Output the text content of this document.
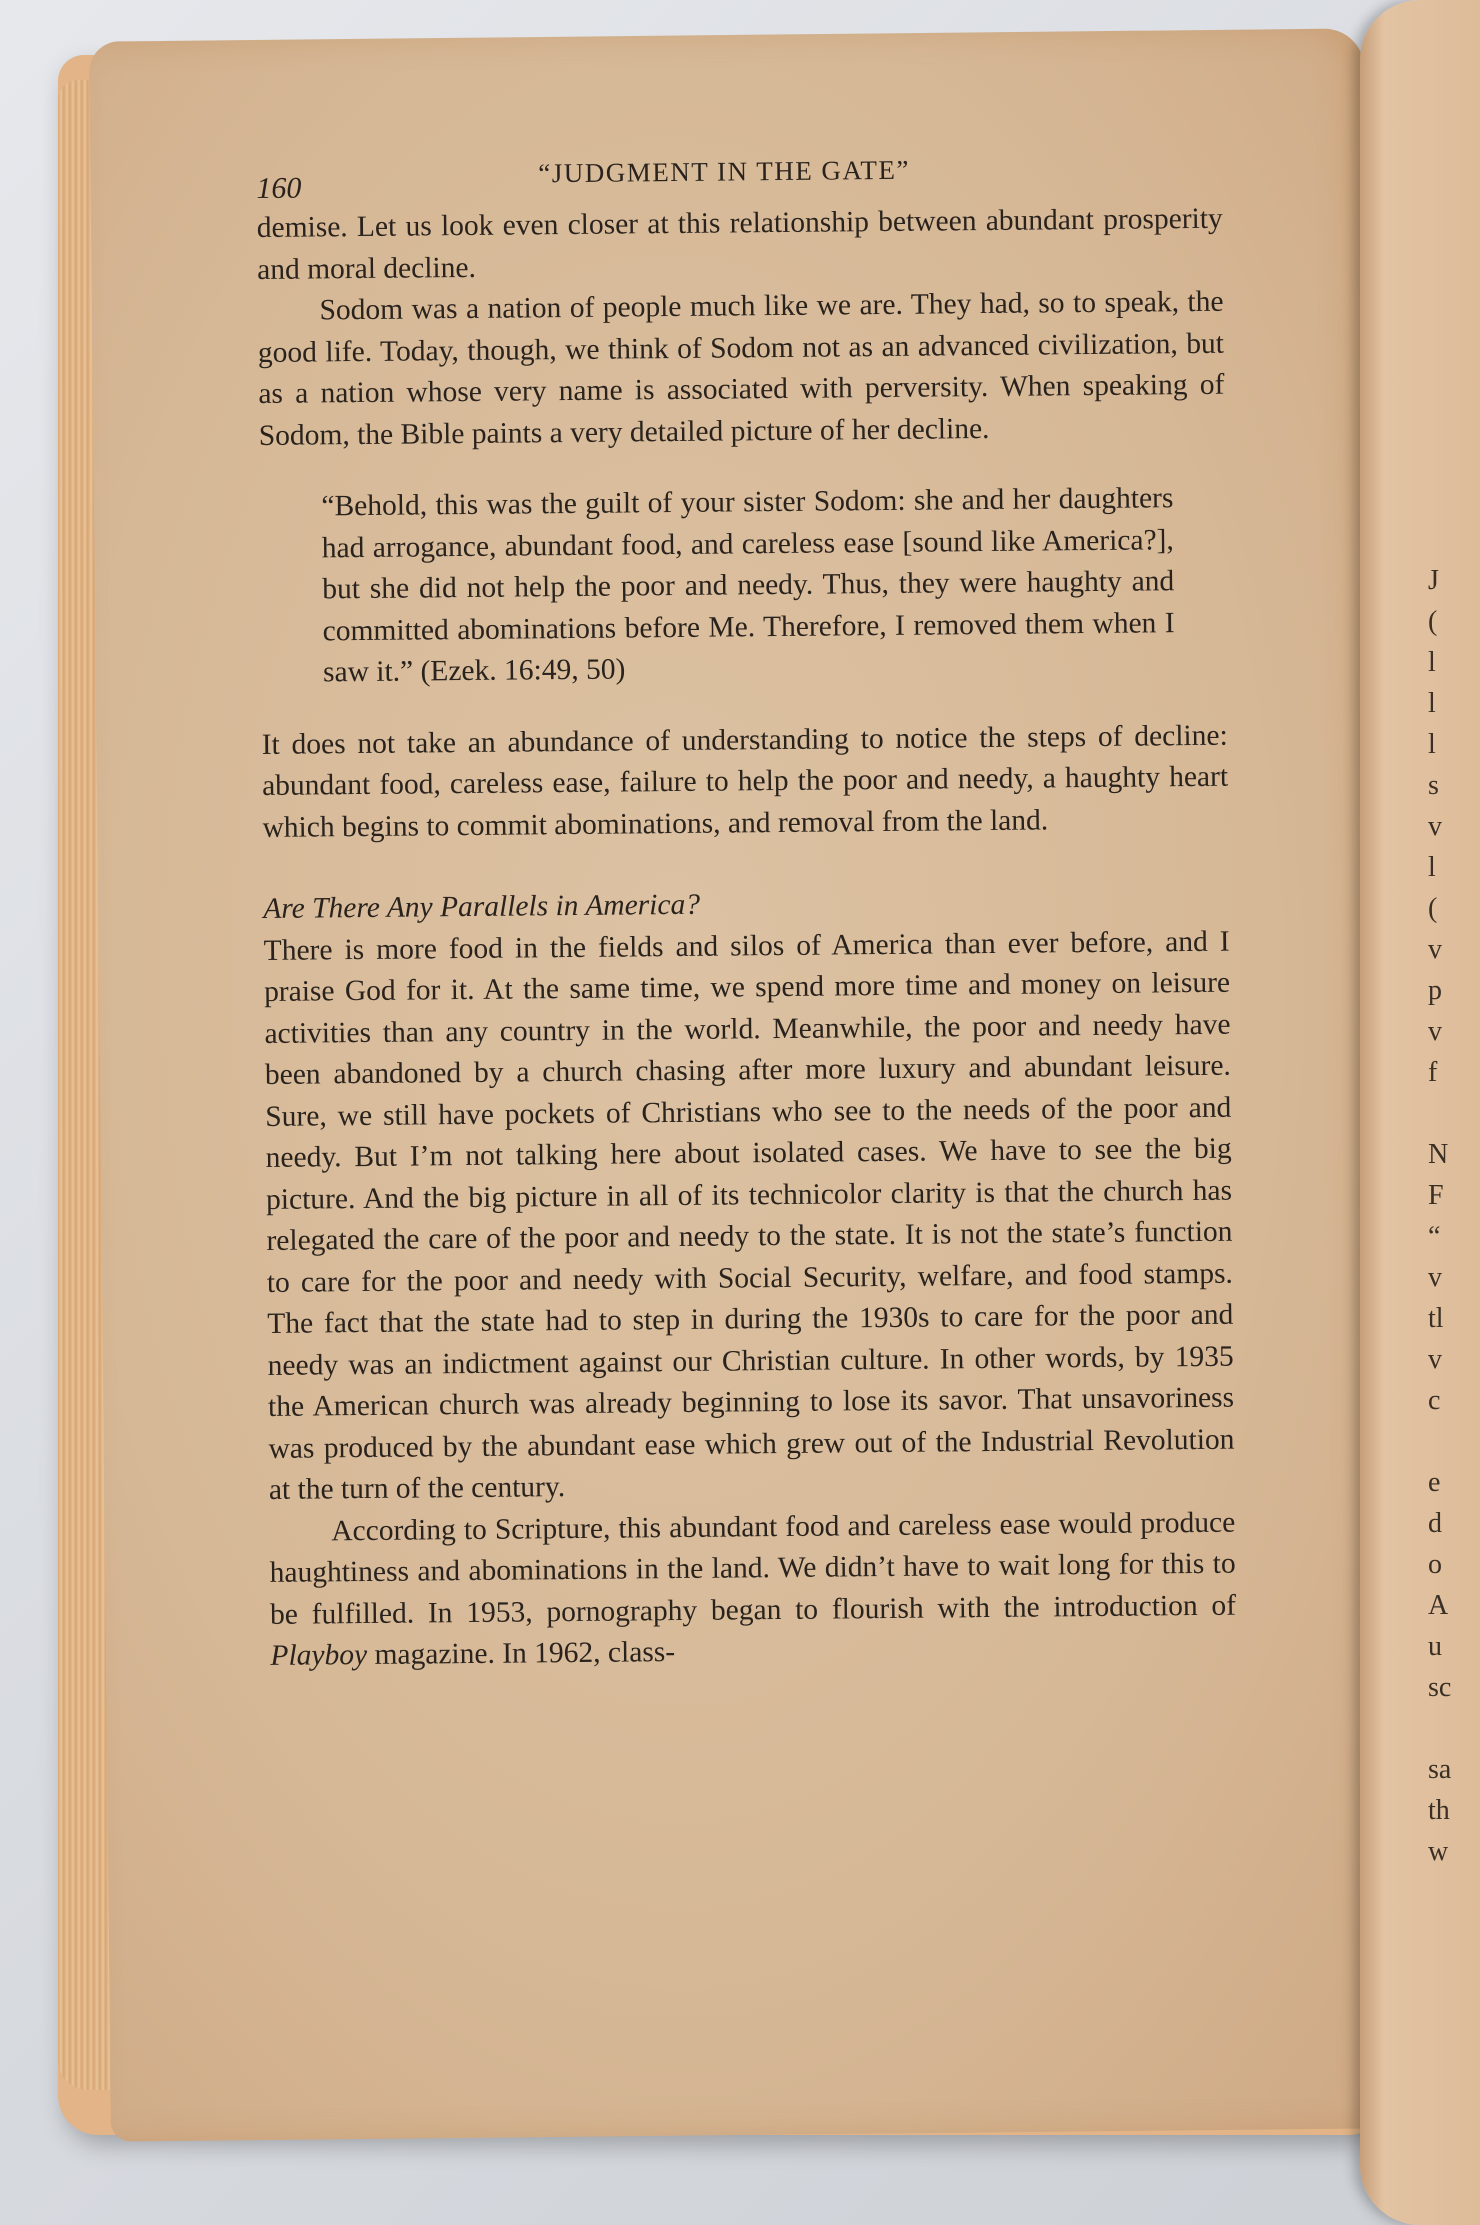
160	“JUDGMENT IN THE GATE”

demise. Let us look even closer at this relationship between abundant prosperity and moral decline.

Sodom was a nation of people much like we are. They had, so to speak, the good life. Today, though, we think of Sodom not as an advanced civilization, but as a nation whose very name is associated with perversity. When speaking of Sodom, the Bible paints a very detailed picture of her decline.

“Behold, this was the guilt of your sister Sodom: she and her daughters had arrogance, abundant food, and careless ease [sound like America?], but she did not help the poor and needy. Thus, they were haughty and committed abominations before Me. Therefore, I removed them when I saw it.” (Ezek. 16:49, 50)

It does not take an abundance of understanding to notice the steps of decline: abundant food, careless ease, failure to help the poor and needy, a haughty heart which begins to commit abominations, and removal from the land.

Are There Any Parallels in America?

There is more food in the fields and silos of America than ever before, and I praise God for it. At the same time, we spend more time and money on leisure activities than any country in the world. Meanwhile, the poor and needy have been abandoned by a church chasing after more luxury and abundant leisure. Sure, we still have pockets of Christians who see to the needs of the poor and needy. But I’m not talking here about isolated cases. We have to see the big picture. And the big picture in all of its technicolor clarity is that the church has relegated the care of the poor and needy to the state. It is not the state’s function to care for the poor and needy with Social Security, welfare, and food stamps. The fact that the state had to step in during the 1930s to care for the poor and needy was an indictment against our Christian culture. In other words, by 1935 the American church was already beginning to lose its savor. That unsavoriness was produced by the abundant ease which grew out of the Industrial Revolution at the turn of the century.

According to Scripture, this abundant food and careless ease would produce haughtiness and abominations in the land. We didn’t have to wait long for this to be fulfilled. In 1953, pornography began to flourish with the introduction of Playboy magazine. In 1962, class-

J
(
l
l
l
s
v
l
(
v
p
v
f
N
F
“
v
tl
v
c
e
d
o
A
u
sc
sa
th
w
